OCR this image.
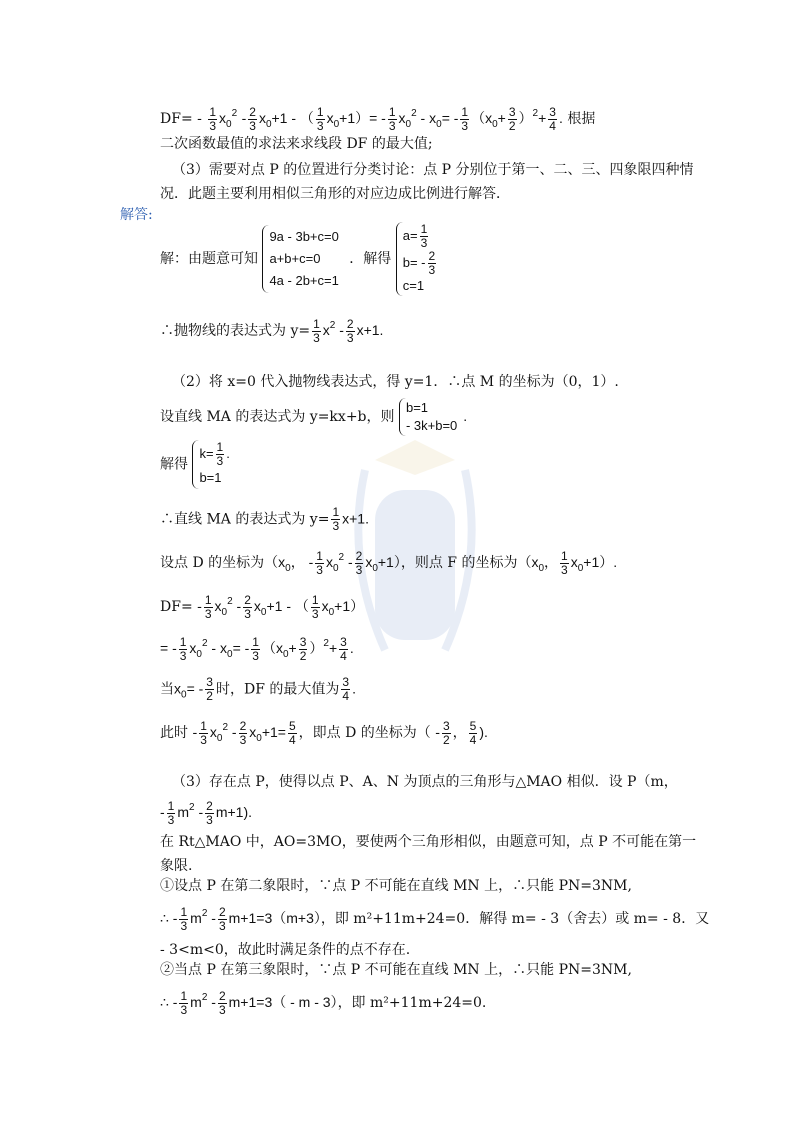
$DF= - \frac{1}{3} x_0^2 - \frac{2}{3} x_0+1$ - （ $\frac{1}{3} x_0+1)= - \frac{1}{3} x_0^2 - x_0= - \frac{1}{3} (x_0+ \frac{3}{2} )^2+ \frac{3}{4}$ . 根据
二次函数最值的求法来求线段 DF 的最大值;
（3）需要对点 P 的位置进行分类讨论：点 P 分别位于第一、二、三、四象限四种情
况．此题主要利用相似三角形的对应边成比例进行解答．
解答:
解：由题意可知
9a - 3b+c=0
a+b+c=0
4a - 2b+c=1
．解得
$a= \frac{1}{3}$
$b= - \frac{2}{3}$
c=1
∴抛物线的表达式为 $y= \frac{1}{3} x^2 - \frac{2}{3} x+1$.
（2）将 x=0 代入抛物线表达式，得 y=1．∴点 M 的坐标为（0，1）.
设直线 MA 的表达式为 y=kx+b，则
b=1
- 3k+b=0
.
解得
$k= \frac{1}{3}$ .
b=1
∴直线 MA 的表达式为 $y= \frac{1}{3} x+1$.
设点 D 的坐标为（$x_0$， - $\frac{1}{3} x_0^2 - \frac{2}{3} x_0+1$），则点 F 的坐标为（$x_0$， $\frac{1}{3} x_0+1$）.
$DF= - \frac{1}{3} x_0^2 - \frac{2}{3} x_0+1$ - （ $\frac{1}{3} x_0+1$）
= - $\frac{1}{3} x_0^2 - x_0= - \frac{1}{3} (x_0+ \frac{3}{2} )^2+ \frac{3}{4}$ .
当$x_0= - \frac{3}{2}$ 时，DF 的最大值为 $\frac{3}{4}$ .
此时 - $\frac{1}{3} x_0^2 - \frac{2}{3} x_0+1= \frac{5}{4}$ ，即点 D 的坐标为（ - $\frac{3}{2}$ ， $\frac{5}{4}$ ).
（3）存在点 P，使得以点 P、A、N 为顶点的三角形与△MAO 相似．设 P（m，
- $\frac{1}{3} m^2 - \frac{2}{3} m+1$).
在 Rt△MAO 中，AO=3MO，要使两个三角形相似，由题意可知，点 P 不可能在第一
象限.
①设点 P 在第二象限时，∵点 P 不可能在直线 MN 上，∴只能 PN=3NM,
∴ - $\frac{1}{3} m^2 - \frac{2}{3} m+1=3(m+3)$，即 m²+11m+24=0．解得 m= - 3（舍去）或 m= - 8．又
- 3<m<0，故此时满足条件的点不存在.
②当点 P 在第三象限时，∵点 P 不可能在直线 MN 上，∴只能 PN=3NM,
∴ - $\frac{1}{3} m^2 - \frac{2}{3} m+1=3( - m - 3)$，即 m²+11m+24=0.
